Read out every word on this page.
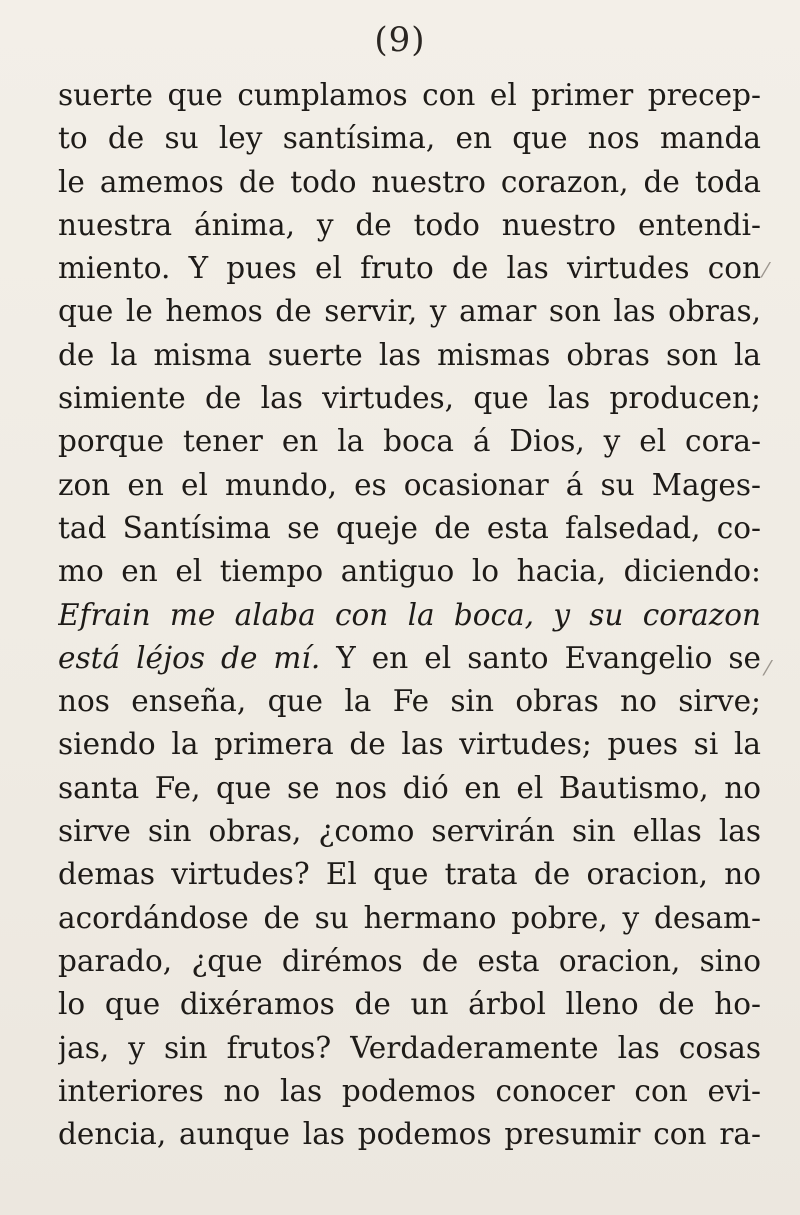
(9)
suerte que cumplamos con el primer precep-
to de su ley santísima, en que nos manda
le amemos de todo nuestro corazon, de toda
nuestra ánima, y de todo nuestro entendi-
miento. Y pues el fruto de las virtudes con
que le hemos de servir, y amar son las obras,
de la misma suerte las mismas obras son la
simiente de las virtudes, que las producen;
porque tener en la boca á Dios, y el cora-
zon en el mundo, es ocasionar á su Mages-
tad Santísima se queje de esta falsedad, co-
mo en el tiempo antiguo lo hacia, diciendo:
Efrain me alaba con la boca, y su corazon
está léjos de mí. Y en el santo Evangelio se
nos enseña, que la Fe sin obras no sirve;
siendo la primera de las virtudes; pues si la
santa Fe, que se nos dió en el Bautismo, no
sirve sin obras, ¿como servirán sin ellas las
demas virtudes? El que trata de oracion, no
acordándose de su hermano pobre, y desam-
parado, ¿que dirémos de esta oracion, sino
lo que dixéramos de un árbol lleno de ho-
jas, y sin frutos? Verdaderamente las cosas
interiores no las podemos conocer con evi-
dencia, aunque las podemos presumir con ra-
⁄
⁄
